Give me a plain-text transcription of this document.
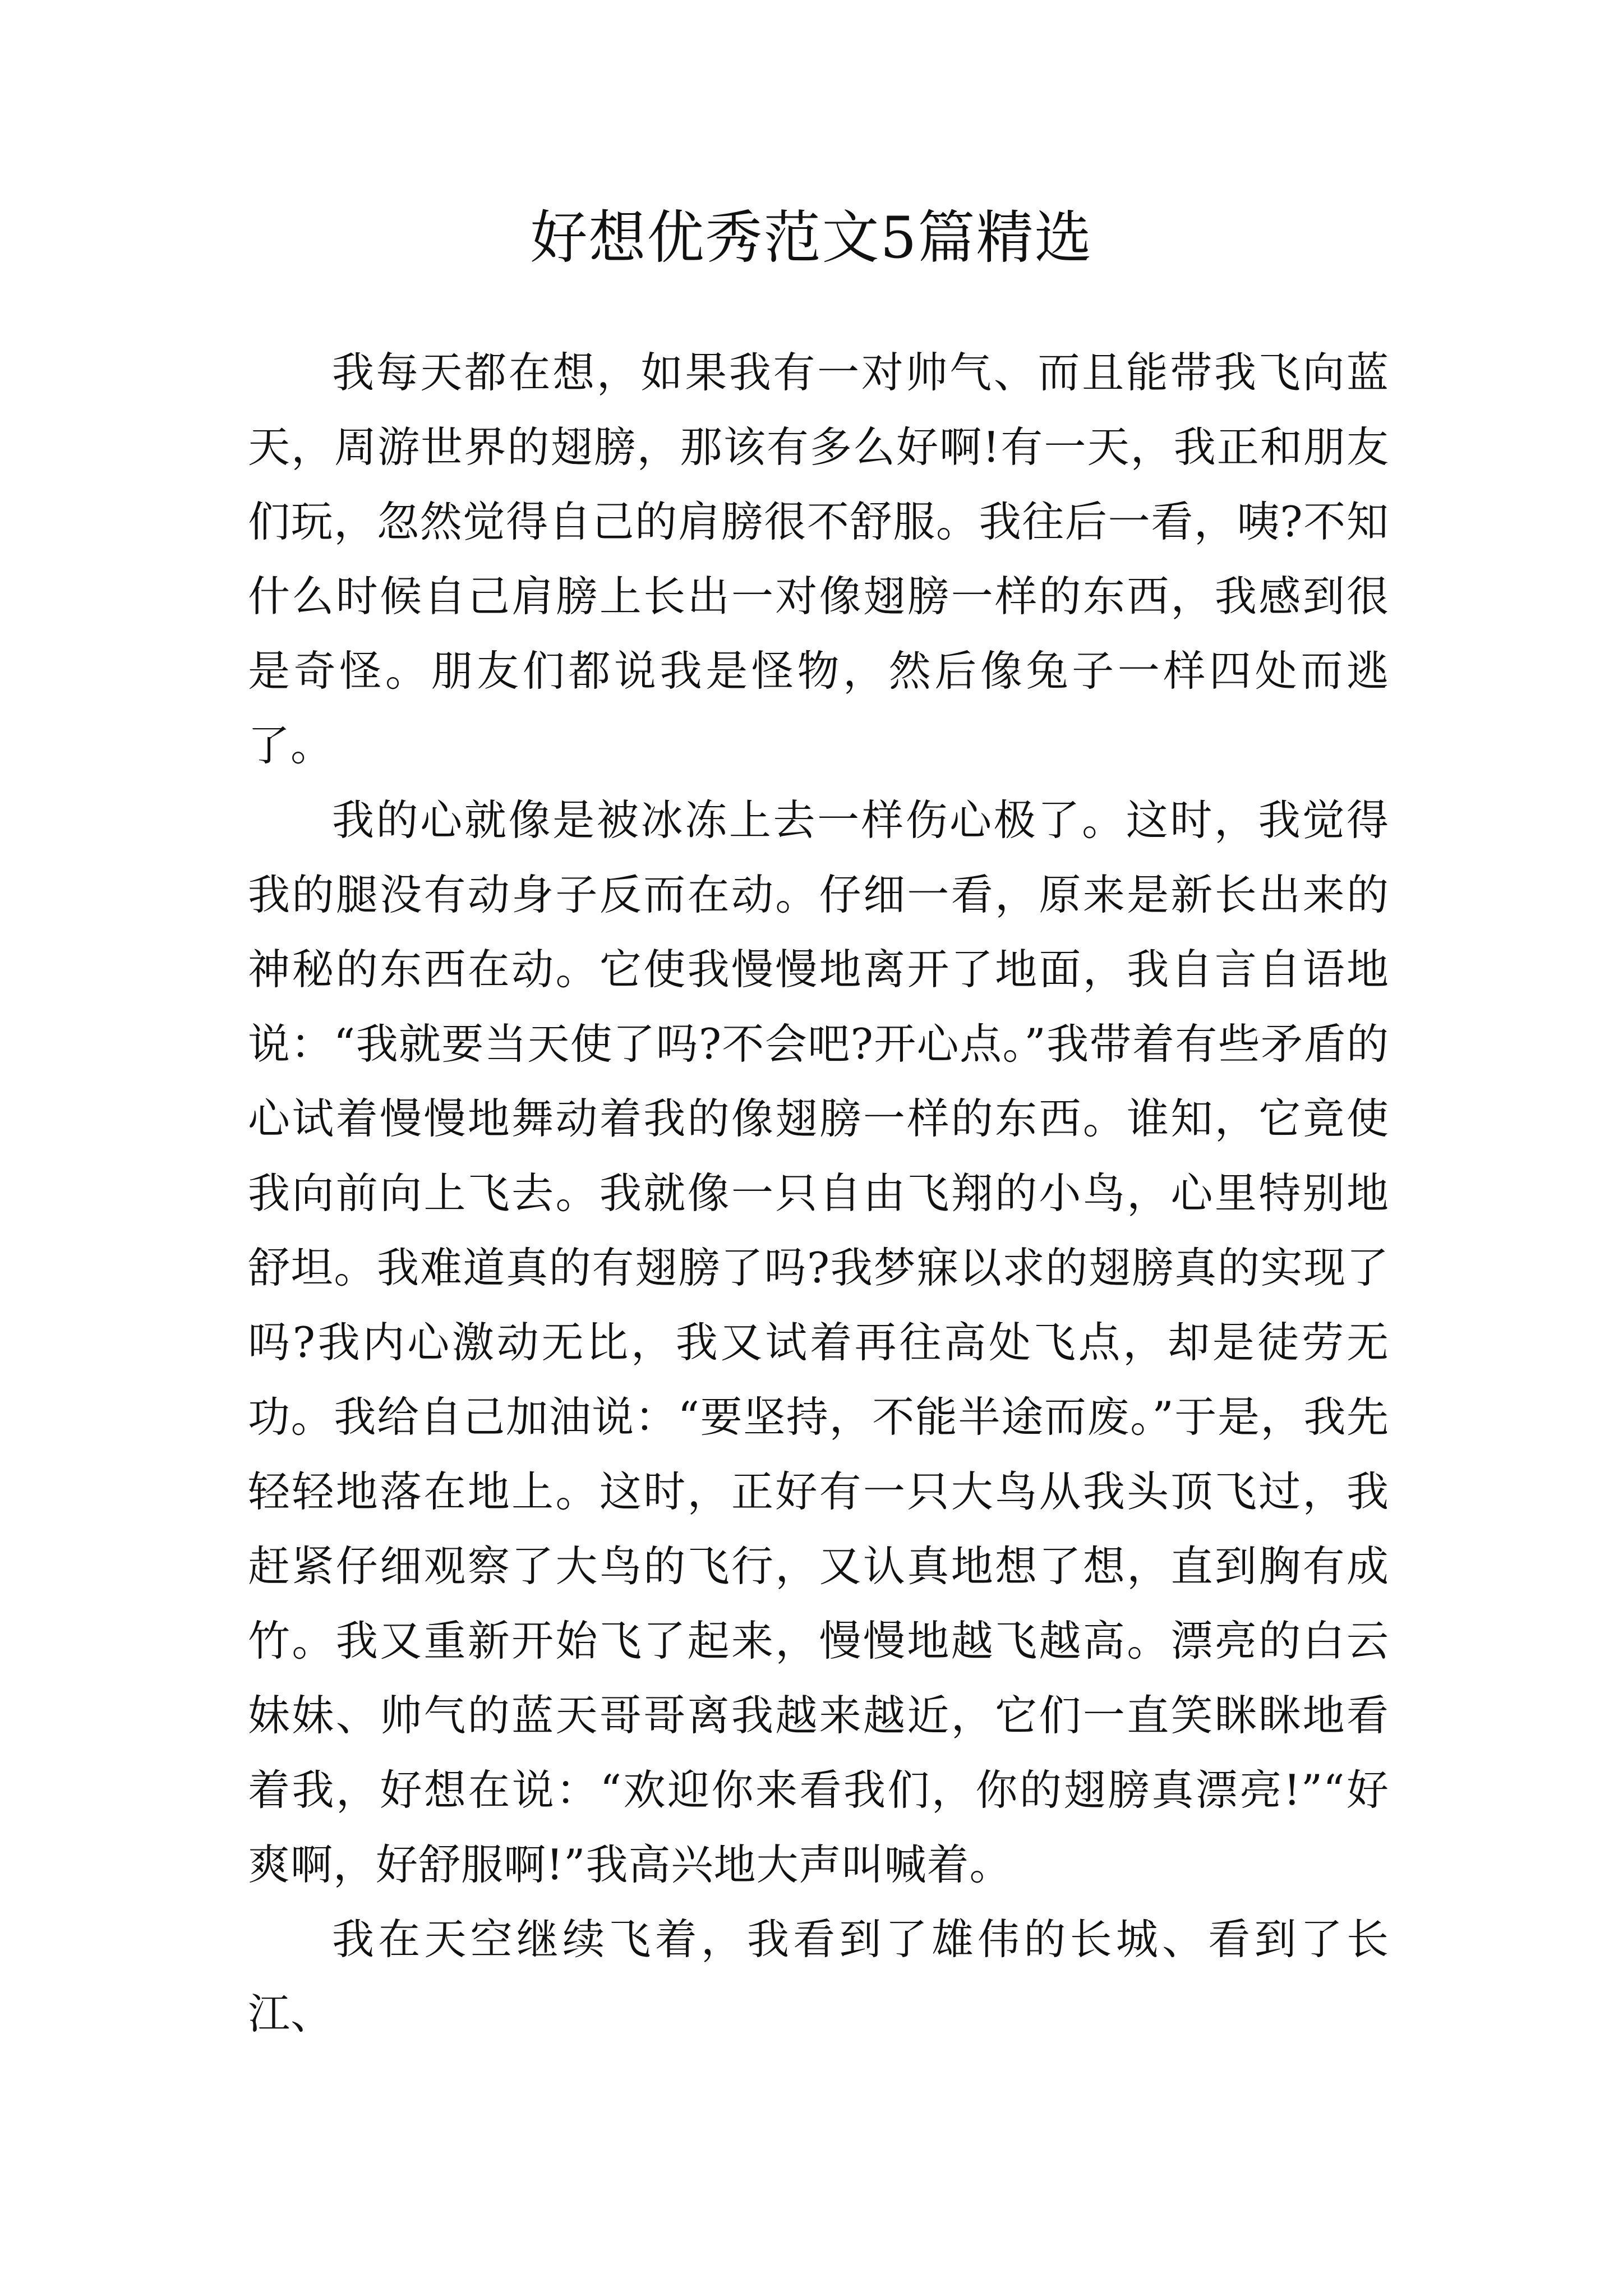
好想优秀范文5篇精选

我每天都在想，如果我有一对帅气、而且能带我飞向蓝天，周游世界的翅膀，那该有多么好啊!有一天，我正和朋友们玩，忽然觉得自己的肩膀很不舒服。我往后一看，咦?不知什么时候自己肩膀上长出一对像翅膀一样的东西，我感到很是奇怪。朋友们都说我是怪物，然后像兔子一样四处而逃了。

我的心就像是被冰冻上去一样伤心极了。这时，我觉得我的腿没有动身子反而在动。仔细一看，原来是新长出来的神秘的东西在动。它使我慢慢地离开了地面，我自言自语地说：“我就要当天使了吗?不会吧?开心点。”我带着有些矛盾的心试着慢慢地舞动着我的像翅膀一样的东西。谁知，它竟使我向前向上飞去。我就像一只自由飞翔的小鸟，心里特别地舒坦。我难道真的有翅膀了吗?我梦寐以求的翅膀真的实现了吗?我内心激动无比，我又试着再往高处飞点，却是徒劳无功。我给自己加油说：“要坚持，不能半途而废。”于是，我先轻轻地落在地上。这时，正好有一只大鸟从我头顶飞过，我赶紧仔细观察了大鸟的飞行，又认真地想了想，直到胸有成竹。我又重新开始飞了起来，慢慢地越飞越高。漂亮的白云妹妹、帅气的蓝天哥哥离我越来越近，它们一直笑眯眯地看着我，好想在说：“欢迎你来看我们，你的翅膀真漂亮!”“好爽啊，好舒服啊!”我高兴地大声叫喊着。

我在天空继续飞着，我看到了雄伟的长城、看到了长江、
